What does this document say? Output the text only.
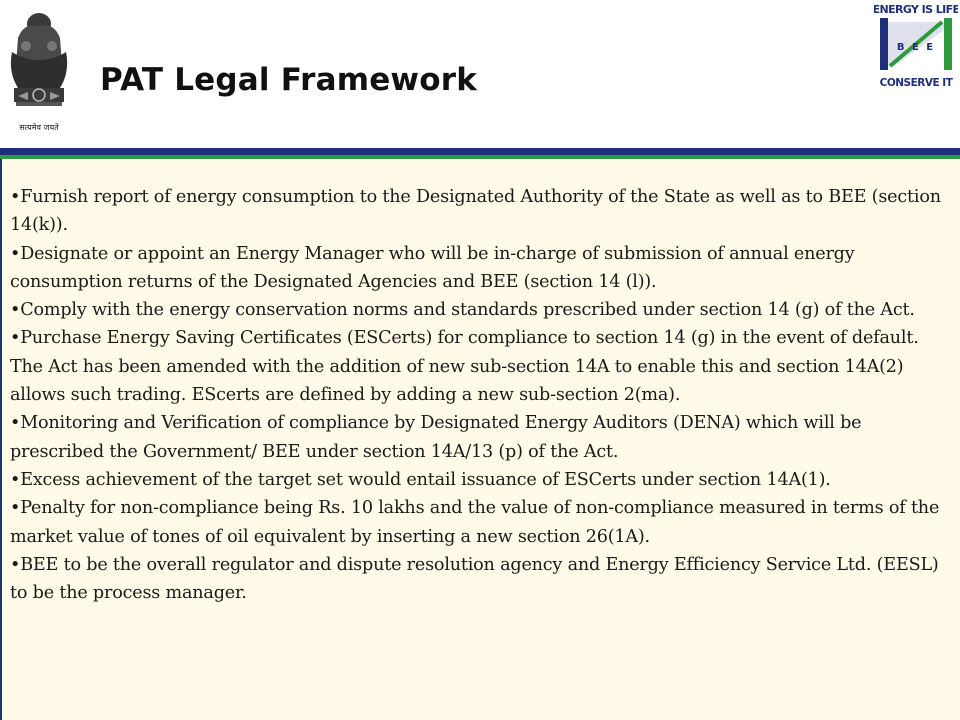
सत्यमेव जयते
PAT Legal Framework
ENERGY IS LIFE
B E E
CONSERVE IT
• Furnish report of energy consumption to the Designated Authority of the State as well as to BEE (section 14(k)).
• Designate or appoint an Energy Manager who will be in-charge of submission of annual energy consumption returns of the Designated Agencies and BEE (section 14 (l)).
• Comply with the energy conservation norms and standards prescribed under section 14 (g) of the Act.
• Purchase Energy Saving Certificates (ESCerts) for compliance to section 14 (g) in the event of default. The Act has been amended with the addition of new sub-section 14A to enable this and section 14A(2) allows such trading. EScerts are defined by adding a new sub-section 2(ma).
• Monitoring and Verification of compliance by Designated Energy Auditors (DENA) which will be prescribed the Government/ BEE under section 14A/13 (p) of the Act.
• Excess achievement of the target set would entail issuance of ESCerts under section 14A(1).
• Penalty for non-compliance being Rs. 10 lakhs and the value of non-compliance measured in terms of the market value of tones of oil equivalent by inserting a new section 26(1A).
• BEE to be the overall regulator and dispute resolution agency and Energy Efficiency Service Ltd. (EESL) to be the process manager.
